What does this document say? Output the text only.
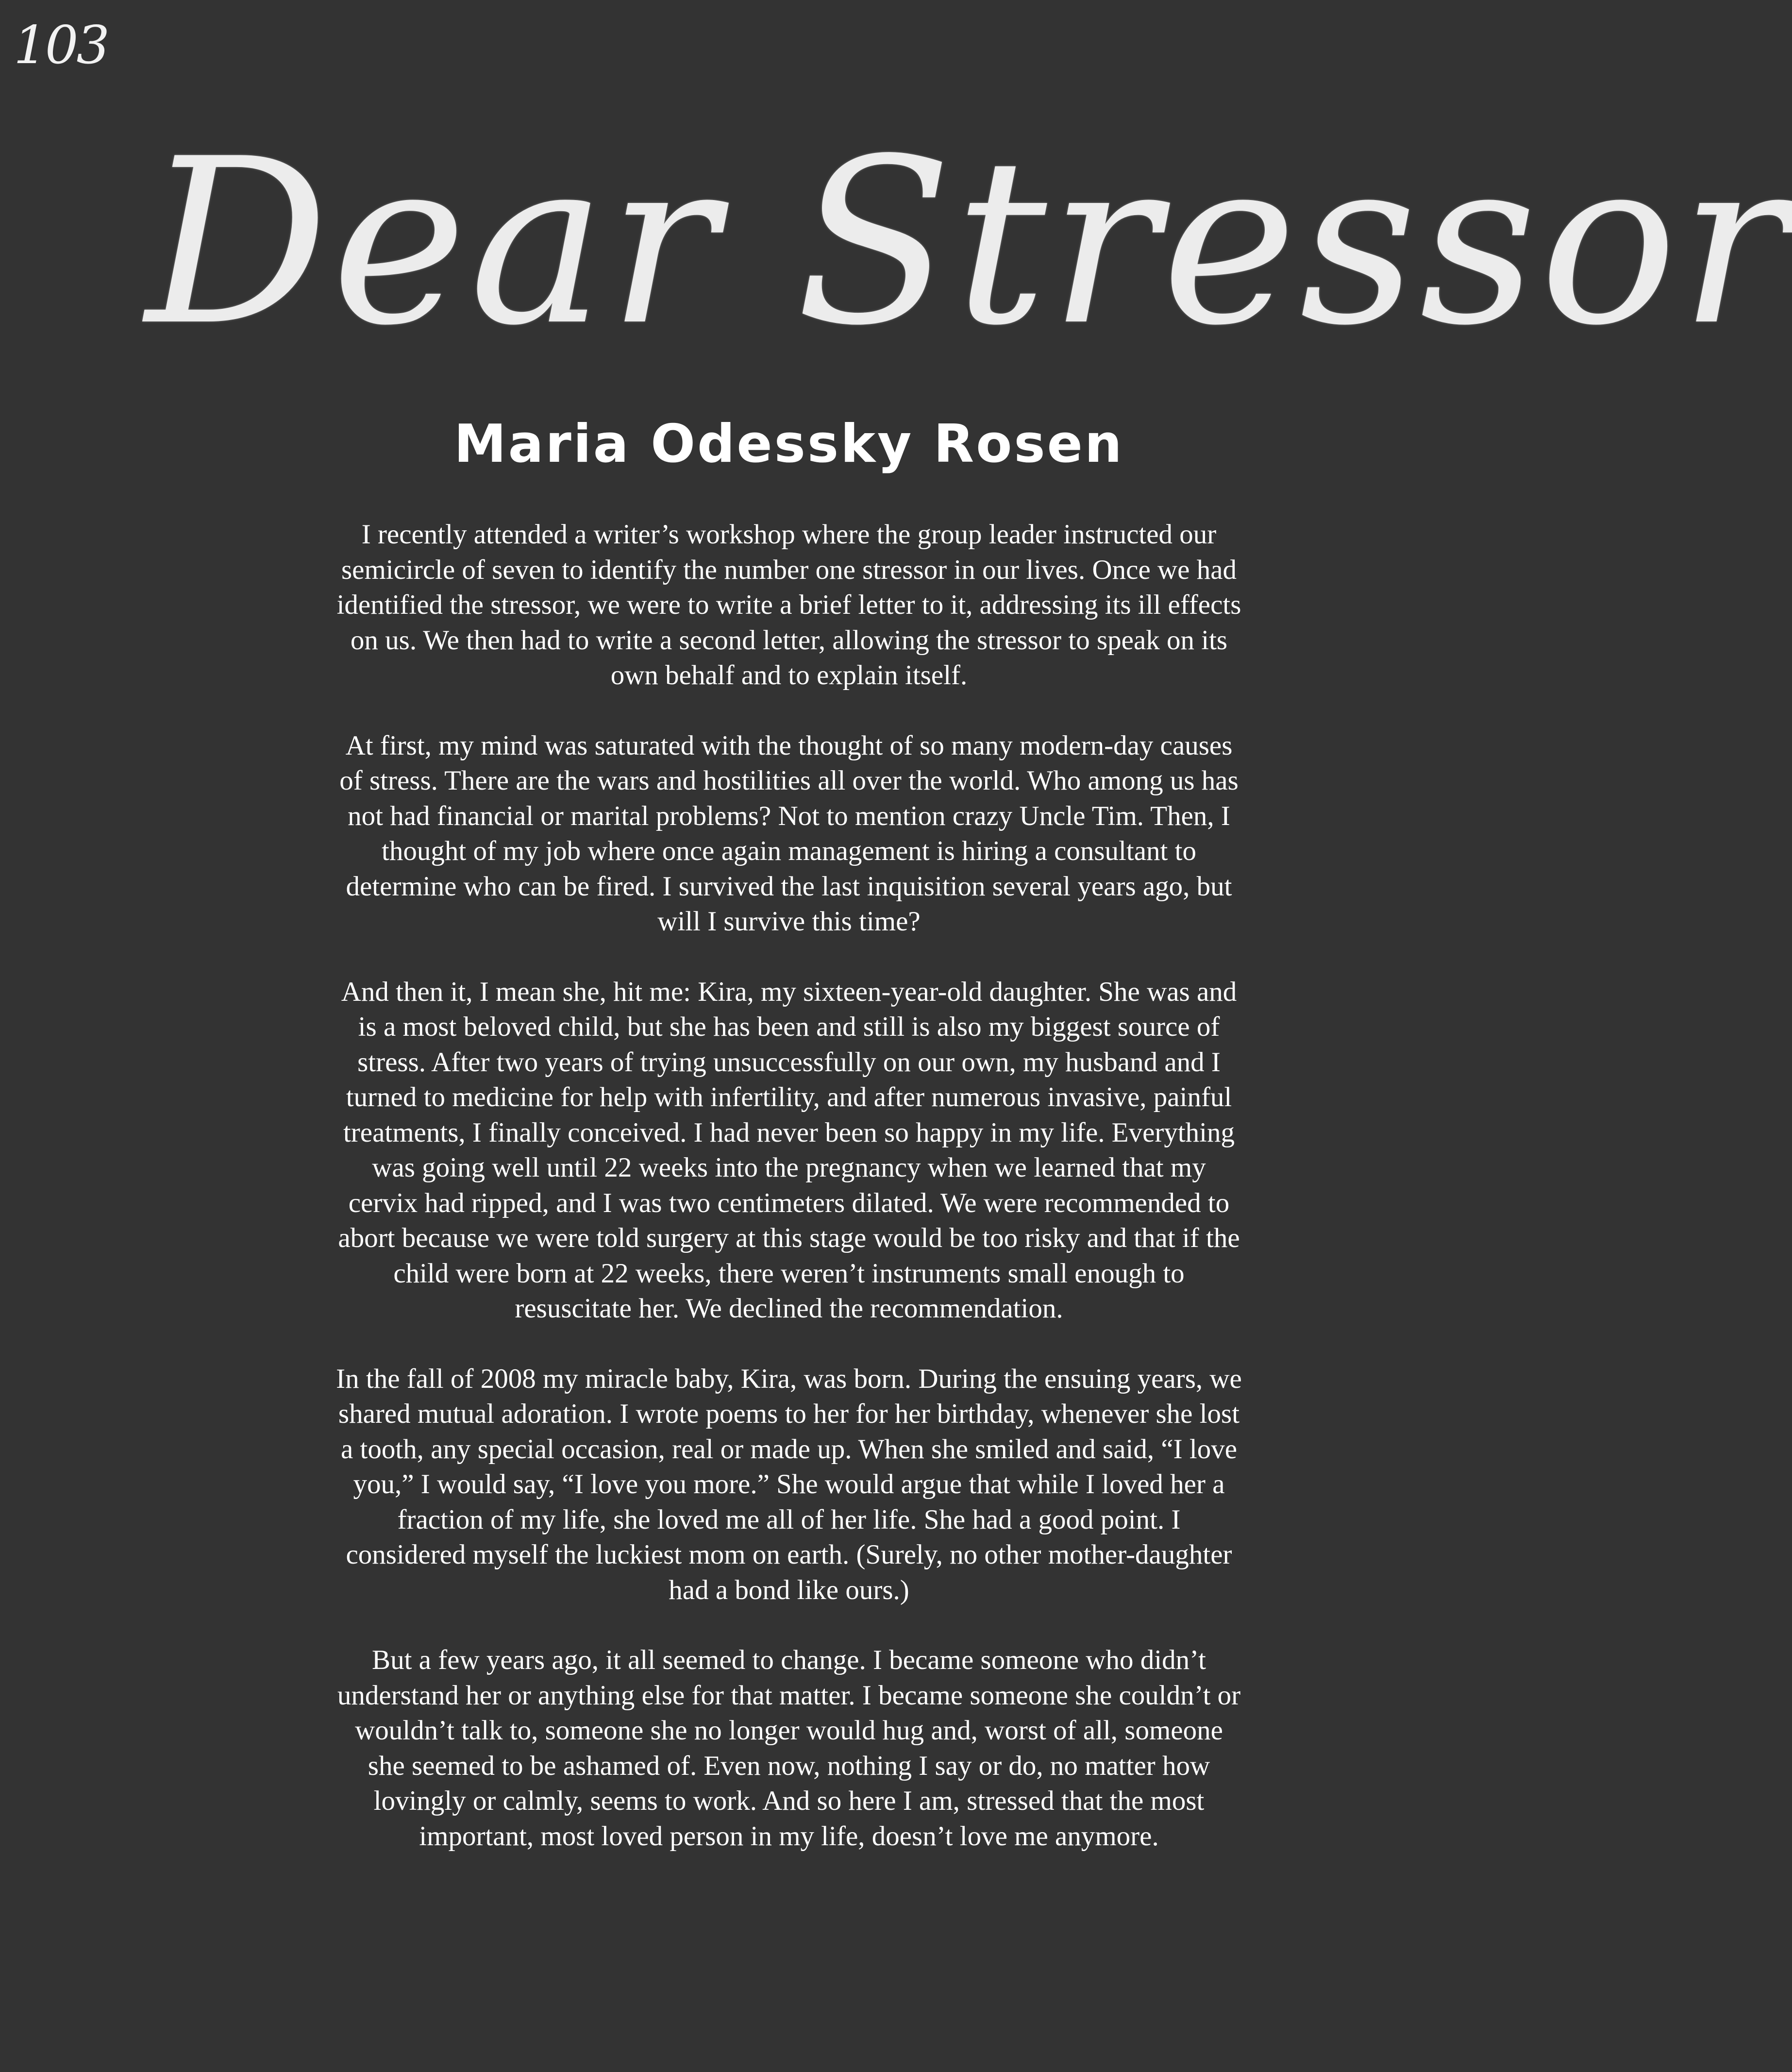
103
Dear Stressor
Maria Odessky Rosen

I recently attended a writer’s workshop where the group leader instructed our semicircle of seven to identify the number one stressor in our lives. Once we had identified the stressor, we were to write a brief letter to it, addressing its ill effects on us. We then had to write a second letter, allowing the stressor to speak on its own behalf and to explain itself.

At first, my mind was saturated with the thought of so many modern-day causes of stress. There are the wars and hostilities all over the world. Who among us has not had financial or marital problems? Not to mention crazy Uncle Tim. Then, I thought of my job where once again management is hiring a consultant to determine who can be fired. I survived the last inquisition several years ago, but will I survive this time?

And then it, I mean she, hit me: Kira, my sixteen-year-old daughter. She was and is a most beloved child, but she has been and still is also my biggest source of stress. After two years of trying unsuccessfully on our own, my husband and I turned to medicine for help with infertility, and after numerous invasive, painful treatments, I finally conceived. I had never been so happy in my life. Everything was going well until 22 weeks into the pregnancy when we learned that my cervix had ripped, and I was two centimeters dilated. We were recommended to abort because we were told surgery at this stage would be too risky and that if the child were born at 22 weeks, there weren’t instruments small enough to resuscitate her. We declined the recommendation.

In the fall of 2008 my miracle baby, Kira, was born. During the ensuing years, we shared mutual adoration. I wrote poems to her for her birthday, whenever she lost a tooth, any special occasion, real or made up. When she smiled and said, “I love you,” I would say, “I love you more.” She would argue that while I loved her a fraction of my life, she loved me all of her life. She had a good point. I considered myself the luckiest mom on earth. (Surely, no other mother-daughter had a bond like ours.)

But a few years ago, it all seemed to change. I became someone who didn’t understand her or anything else for that matter. I became someone she couldn’t or wouldn’t talk to, someone she no longer would hug and, worst of all, someone she seemed to be ashamed of. Even now, nothing I say or do, no matter how lovingly or calmly, seems to work. And so here I am, stressed that the most important, most loved person in my life, doesn’t love me anymore.
